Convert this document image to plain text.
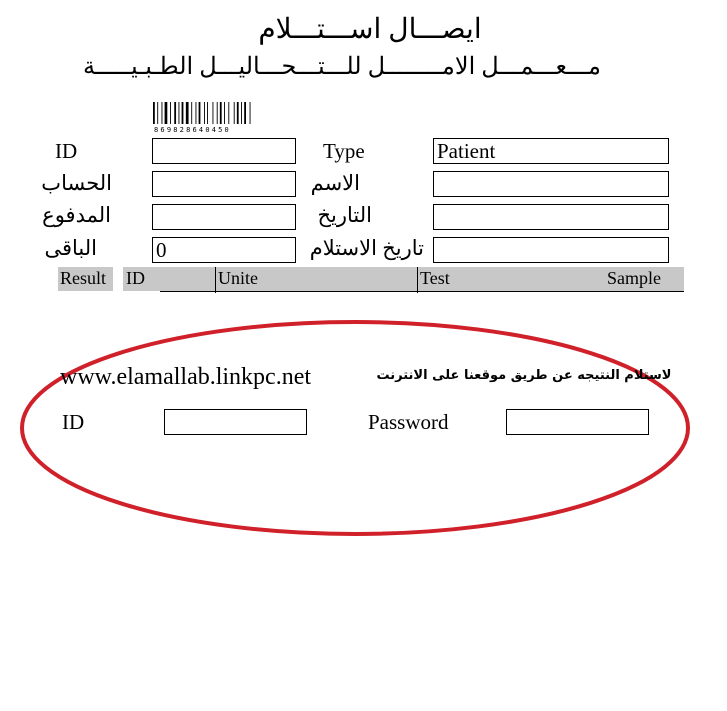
ايصـــال اســـتـــلام
مـــعـــمـــل الامــــــــل للـــتـــحـــاليـــل الطـبـيـــــة
869828640450
ID	Type	Patient
الحساب	الاسم
المدفوع	التاريخ
الباقى	0	تاريخ الاستلام
Result ID	Unite	Test	Sample
www.elamallab.linkpc.net	لاستلام النتيجه عن طريق موقعنا على الانترنت
ID	Password
